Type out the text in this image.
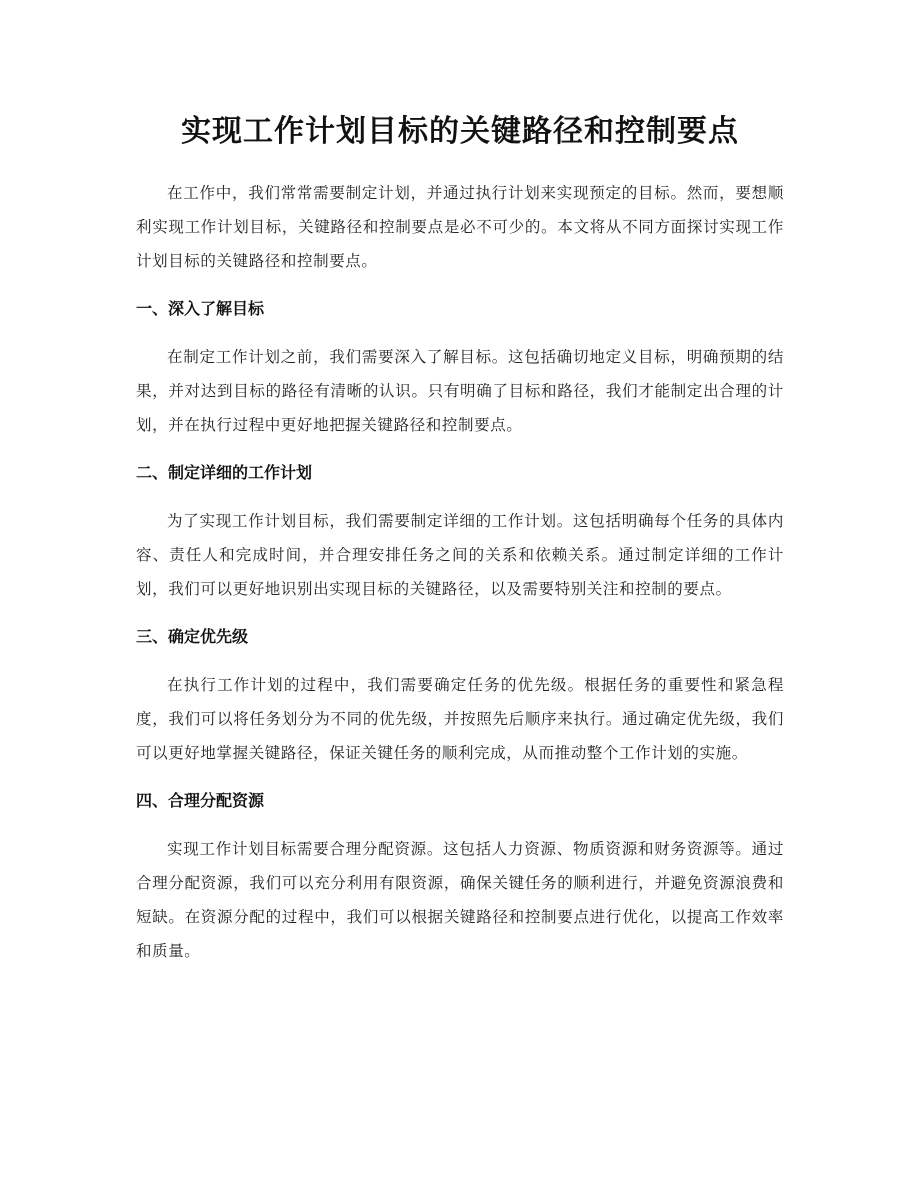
实现工作计划目标的关键路径和控制要点

在工作中，我们常常需要制定计划，并通过执行计划来实现预定的目标。然而，要想顺利实现工作计划目标，关键路径和控制要点是必不可少的。本文将从不同方面探讨实现工作计划目标的关键路径和控制要点。

一、深入了解目标

在制定工作计划之前，我们需要深入了解目标。这包括确切地定义目标，明确预期的结果，并对达到目标的路径有清晰的认识。只有明确了目标和路径，我们才能制定出合理的计划，并在执行过程中更好地把握关键路径和控制要点。

二、制定详细的工作计划

为了实现工作计划目标，我们需要制定详细的工作计划。这包括明确每个任务的具体内容、责任人和完成时间，并合理安排任务之间的关系和依赖关系。通过制定详细的工作计划，我们可以更好地识别出实现目标的关键路径，以及需要特别关注和控制的要点。

三、确定优先级

在执行工作计划的过程中，我们需要确定任务的优先级。根据任务的重要性和紧急程度，我们可以将任务划分为不同的优先级，并按照先后顺序来执行。通过确定优先级，我们可以更好地掌握关键路径，保证关键任务的顺利完成，从而推动整个工作计划的实施。

四、合理分配资源

实现工作计划目标需要合理分配资源。这包括人力资源、物质资源和财务资源等。通过合理分配资源，我们可以充分利用有限资源，确保关键任务的顺利进行，并避免资源浪费和短缺。在资源分配的过程中，我们可以根据关键路径和控制要点进行优化，以提高工作效率和质量。
